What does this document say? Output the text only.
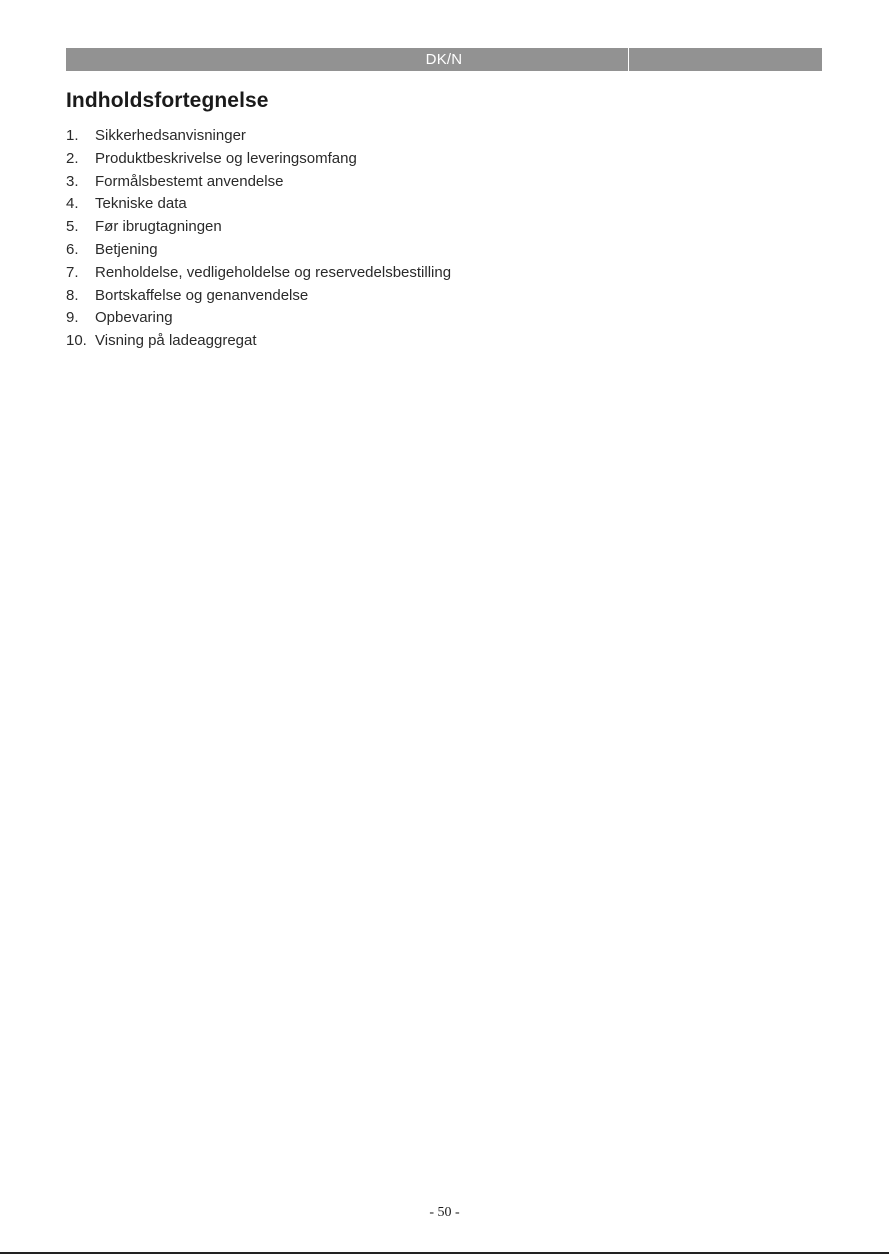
DK/N
Indholdsfortegnelse
1. Sikkerhedsanvisninger
2. Produktbeskrivelse og leveringsomfang
3. Formålsbestemt anvendelse
4. Tekniske data
5. Før ibrugtagningen
6. Betjening
7. Renholdelse, vedligeholdelse og reservedelsbestilling
8. Bortskaffelse og genanvendelse
9. Opbevaring
10. Visning på ladeaggregat
- 50 -
